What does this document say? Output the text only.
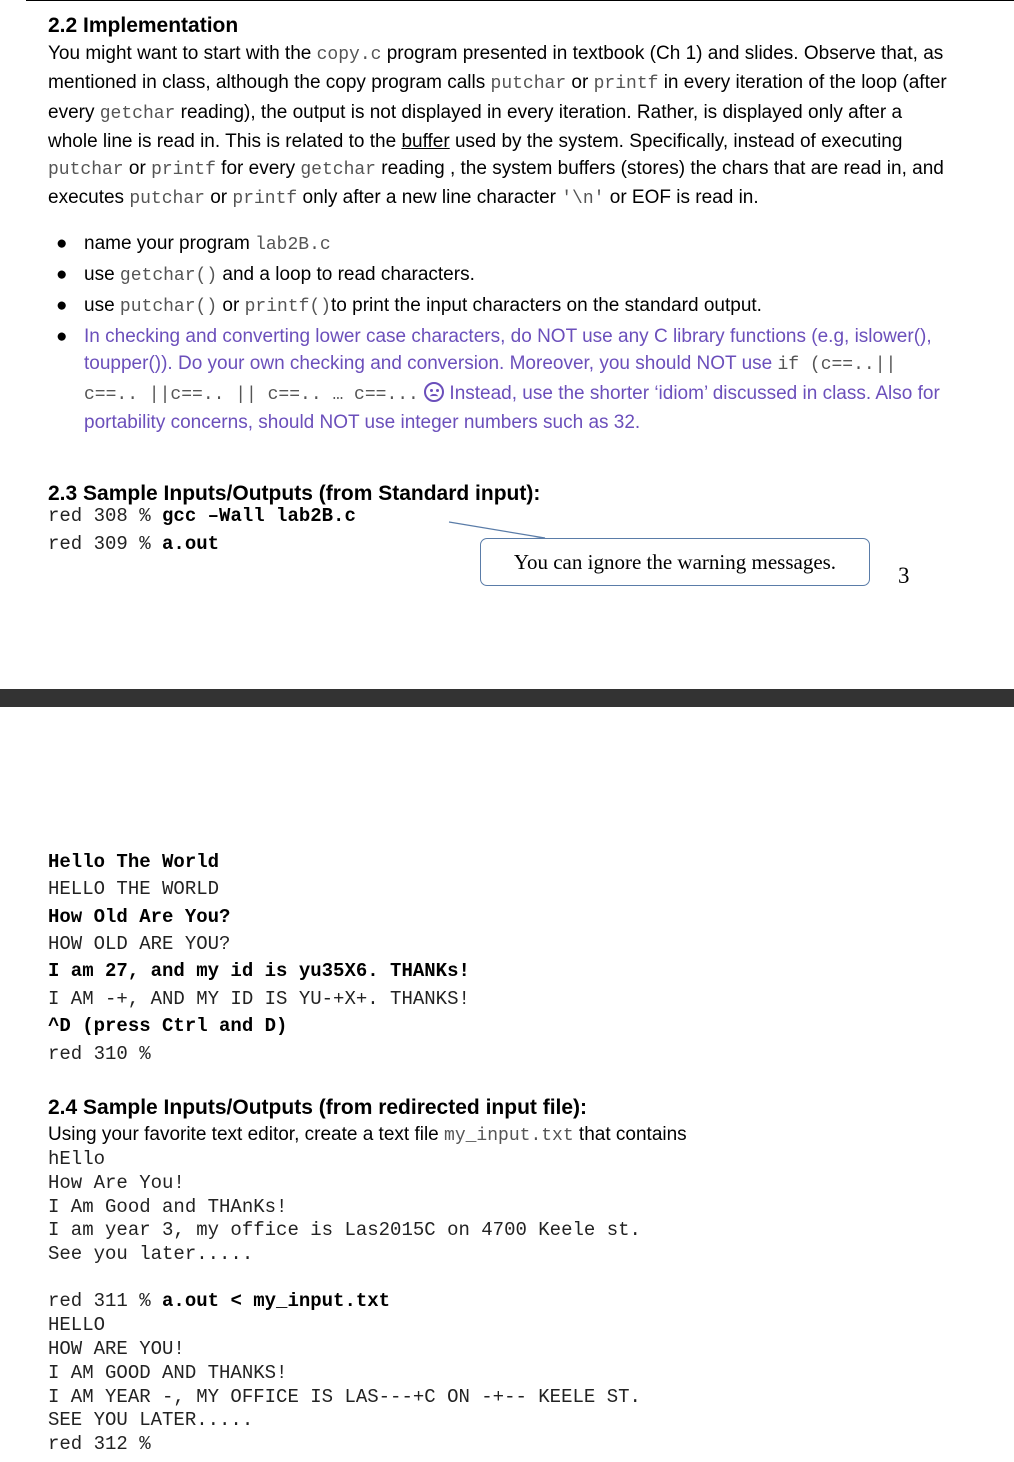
2.2 Implementation

You might want to start with the copy.c program presented in textbook (Ch 1) and slides. Observe that, as mentioned in class, although the copy program calls putchar or printf in every iteration of the loop (after every getchar reading), the output is not displayed in every iteration. Rather, is displayed only after a whole line is read in. This is related to the buffer used by the system. Specifically, instead of executing putchar or printf for every getchar reading , the system buffers (stores) the chars that are read in, and executes putchar or printf only after a new line character '\n' or EOF is read in.

● name your program lab2B.c
● use getchar() and a loop to read characters.
● use putchar() or printf()to print the input characters on the standard output.
● In checking and converting lower case characters, do NOT use any C library functions (e.g, islower(), toupper()). Do your own checking and conversion. Moreover, you should NOT use if (c==..|| c==.. ||c==.. || c==.. … c==...  Instead, use the shorter ‘idiom’ discussed in class. Also for portability concerns, should NOT use integer numbers such as 32.
2.3 Sample Inputs/Outputs (from Standard input):
red 308 % gcc –Wall lab2B.c
red 309 % a.out
You can ignore the warning messages.
3
Hello The World
HELLO THE WORLD
How Old Are You?
HOW OLD ARE YOU?
I am 27, and my id is yu35X6. THANKs!
I AM -+, AND MY ID IS YU-+X+. THANKS!
^D (press Ctrl and D)
red 310 %
2.4 Sample Inputs/Outputs (from redirected input file):

Using your favorite text editor, create a text file my_input.txt that contains

hEllo
How Are You!
I Am Good and THAnKs!
I am year 3, my office is Las2015C on 4700 Keele st.
See you later.....
red 311 % a.out < my_input.txt
HELLO
HOW ARE YOU!
I AM GOOD AND THANKS!
I AM YEAR -, MY OFFICE IS LAS---+C ON -+-- KEELE ST.
SEE YOU LATER.....
red 312 %
